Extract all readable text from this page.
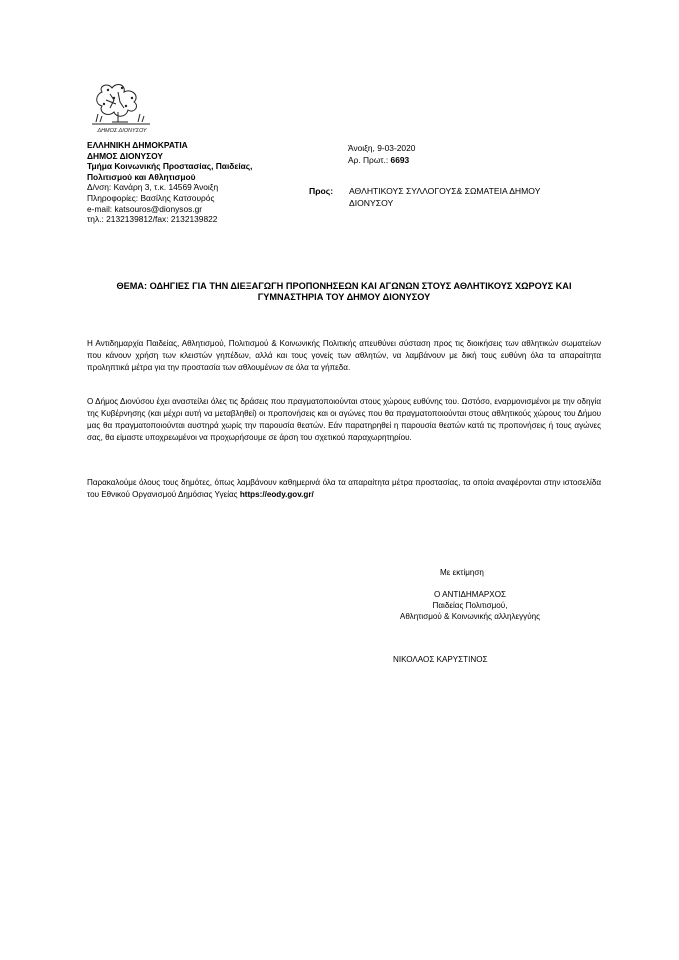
ΔΗΜΟΣ ΔΙΟΝΥΣΟΥ
ΕΛΛΗΝΙΚΗ ΔΗΜΟΚΡΑΤΙΑ
ΔΗΜΟΣ ΔΙΟΝΥΣΟΥ
Τμήμα Κοινωνικής Προστασίας, Παιδείας,
Πολιτισμού και Αθλητισμού
Δ/νση: Κανάρη 3, τ.κ. 14569 Άνοιξη
Πληροφορίες: Βασίλης Κατσουρός
e-mail: katsouros@dionysos.gr
τηλ.: 2132139812/fax: 2132139822
Άνοιξη, 9-03-2020
Αρ. Πρωτ.: 6693
Προς: ΑΘΛΗΤΙΚΟΥΣ ΣΥΛΛΟΓΟΥΣ& ΣΩΜΑΤΕΙΑ ΔΗΜΟΥ
ΔΙΟΝΥΣΟΥ
ΘΕΜΑ: ΟΔΗΓΙΕΣ ΓΙΑ ΤΗΝ ΔΙΕΞΑΓΩΓΗ ΠΡΟΠΟΝΗΣΕΩΝ ΚΑΙ ΑΓΩΝΩΝ ΣΤΟΥΣ ΑΘΛΗΤΙΚΟΥΣ ΧΩΡΟΥΣ ΚΑΙ
ΓΥΜΝΑΣΤΗΡΙΑ ΤΟΥ ΔΗΜΟΥ ΔΙΟΝΥΣΟΥ
Η Αντιδημαρχία Παιδείας, Αθλητισμού, Πολιτισμού & Κοινωνικής Πολιτικής απευθύνει σύσταση προς τις διοικήσεις των αθλητικών σωματείων που κάνουν χρήση των κλειστών γηπέδων, αλλά και τους γονείς των αθλητών, να λαμβάνουν με δική τους ευθύνη όλα τα απαραίτητα προληπτικά μέτρα για την προστασία των αθλουμένων σε όλα τα γήπεδα.
Ο Δήμος Διονύσου έχει αναστείλει όλες τις δράσεις που πραγματοποιούνται στους χώρους ευθύνης του. Ωστόσο, εναρμονισμένοι με την οδηγία της Κυβέρνησης (και μέχρι αυτή να μεταβληθεί) οι προπονήσεις και οι αγώνες που θα πραγματοποιούνται στους αθλητικούς χώρους του Δήμου μας θα πραγματοποιούνται αυστηρά χωρίς την παρουσία θεατών. Εάν παρατηρηθεί η παρουσία θεατών κατά τις προπονήσεις ή τους αγώνες σας, θα είμαστε υποχρεωμένοι να προχωρήσουμε σε άρση του σχετικού παραχωρητηρίου.
Παρακαλούμε όλους τους δημότες, όπως λαμβάνουν καθημερινά όλα τα απαραίτητα μέτρα προστασίας, τα οποία αναφέρονται στην ιστοσελίδα του Εθνικού Οργανισμού Δημόσιας Υγείας https://eody.gov.gr/
Με εκτίμηση
Ο ΑΝΤΙΔΗΜΑΡΧΟΣ
Παιδείας Πολιτισμού,
Αθλητισμού & Κοινωνικής αλληλεγγύης
ΝΙΚΟΛΑΟΣ ΚΑΡΥΣΤΙΝΟΣ
